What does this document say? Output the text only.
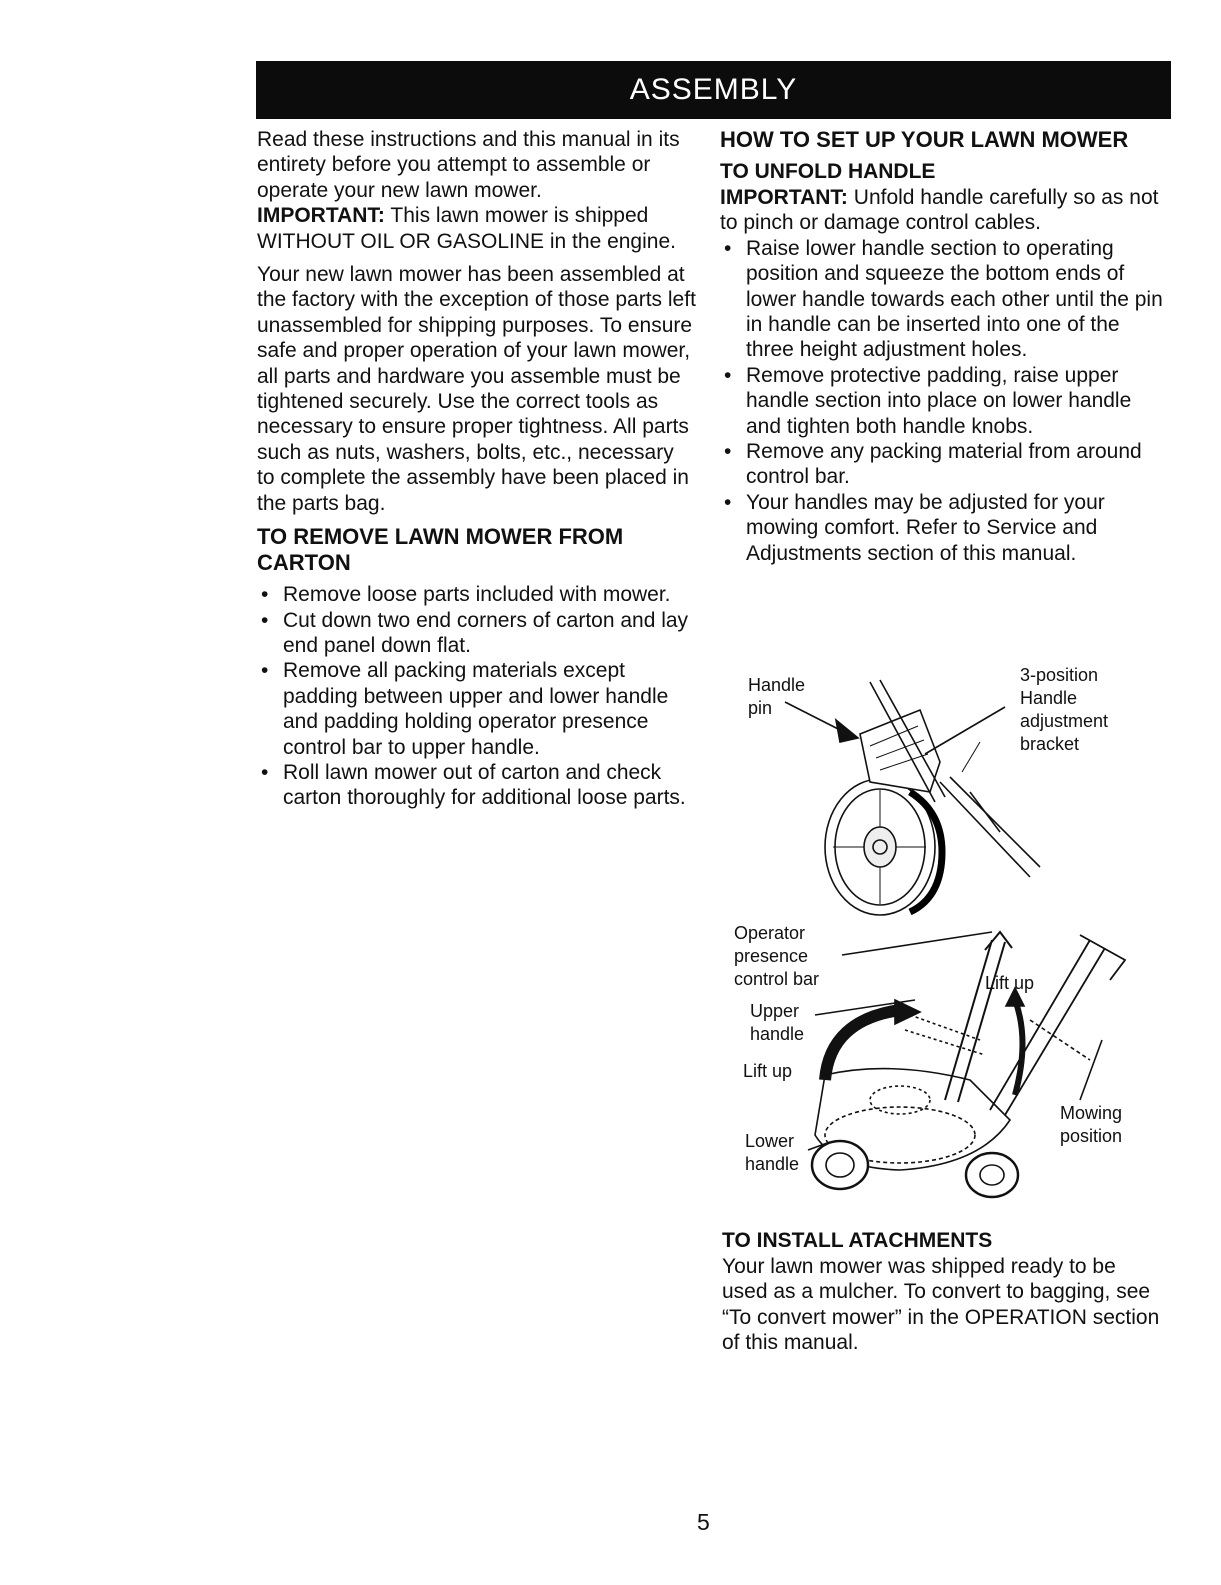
ASSEMBLY

Read these instructions and this manual in its entirety before you attempt to assemble or operate your new lawn mower.

IMPORTANT: This lawn mower is shipped WITHOUT OIL OR GASOLINE in the engine.

Your new lawn mower has been assembled at the factory with the exception of those parts left unassembled for shipping purposes. To ensure safe and proper operation of your lawn mower, all parts and hardware you assemble must be tightened securely. Use the correct tools as necessary to ensure proper tightness. All parts such as nuts, washers, bolts, etc., necessary to complete the assembly have been placed in the parts bag.

TO REMOVE LAWN MOWER FROM CARTON
• Remove loose parts included with mower.
• Cut down two end corners of carton and lay end panel down flat.
• Remove all packing materials except padding between upper and lower handle and padding holding operator presence control bar to upper handle.
• Roll lawn mower out of carton and check carton thoroughly for additional loose parts.
HOW TO SET UP YOUR LAWN MOWER
TO UNFOLD HANDLE

IMPORTANT: Unfold handle carefully so as not to pinch or damage control cables.

• Raise lower handle section to operating position and squeeze the bottom ends of lower handle towards each other until the pin in handle can be inserted into one of the three height adjustment holes.
• Remove protective padding, raise upper handle section into place on lower handle and tighten both handle knobs.
• Remove any packing material from around control bar.
• Your handles may be adjusted for your mowing comfort. Refer to Service and Adjustments section of this manual.
Handle
pin
3-position
Handle
adjustment
bracket
Operator
presence
control bar
Upper
handle
Lift up
Lower
handle
Lift up
Mowing
position
TO INSTALL ATACHMENTS

Your lawn mower was shipped ready to be used as a mulcher. To convert to bagging, see “To convert mower” in the OPERATION section of this manual.

5
